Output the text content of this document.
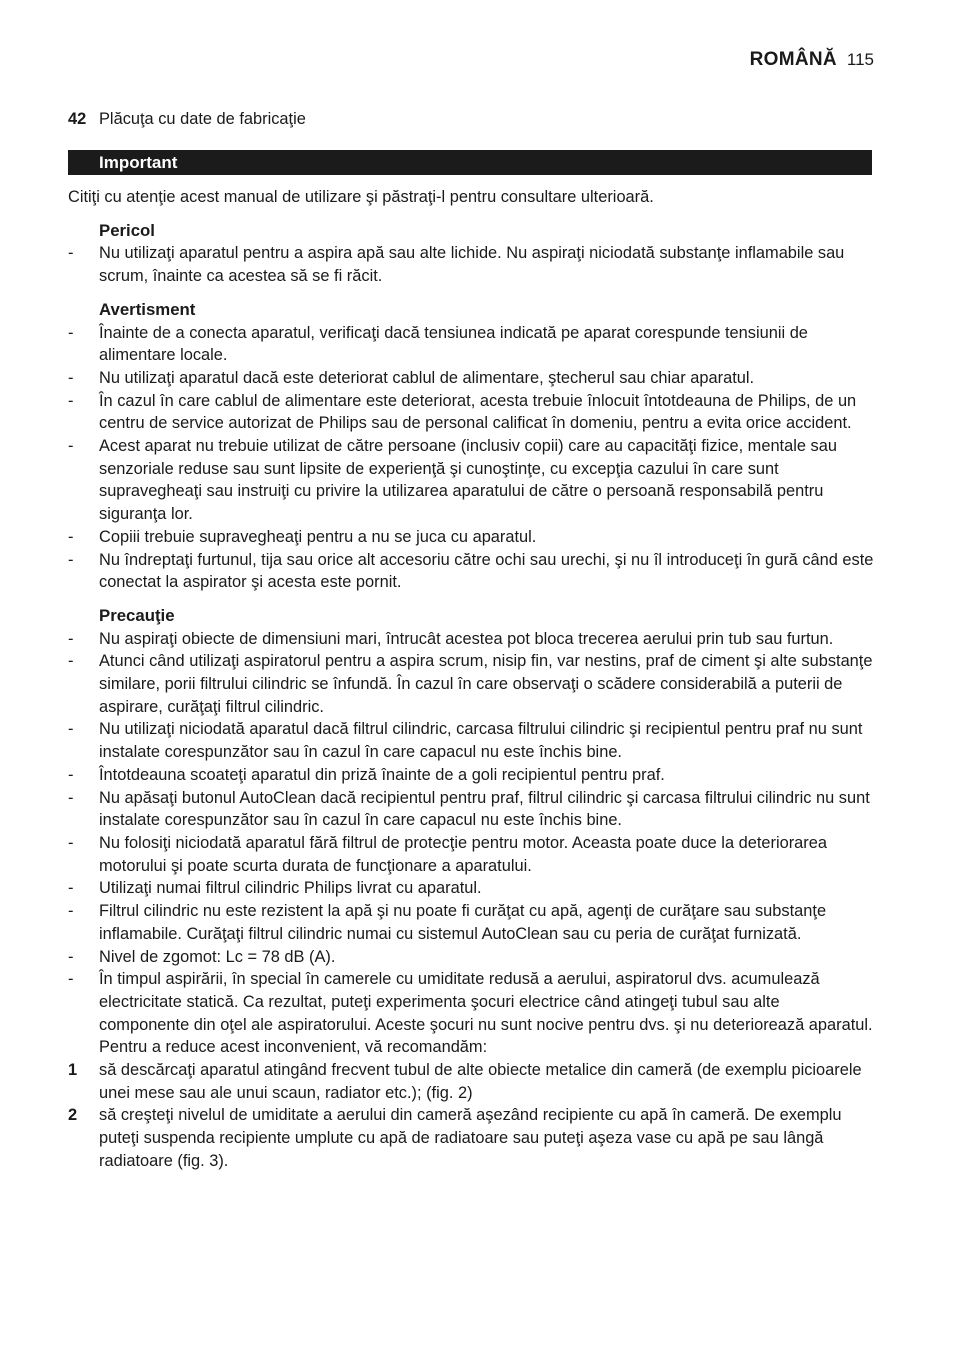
ROMÂNĂ 115
42 Plăcuţa cu date de fabricaţie
Important

Citiţi cu atenţie acest manual de utilizare şi păstraţi-l pentru consultare ulterioară.

Pericol
- Nu utilizaţi aparatul pentru a aspira apă sau alte lichide. Nu aspiraţi niciodată substanţe inflamabile sau scrum, înainte ca acestea să se fi răcit.
Avertisment
- Înainte de a conecta aparatul, verificaţi dacă tensiunea indicată pe aparat corespunde tensiunii de alimentare locale.
- Nu utilizaţi aparatul dacă este deteriorat cablul de alimentare, ştecherul sau chiar aparatul.
- În cazul în care cablul de alimentare este deteriorat, acesta trebuie înlocuit întotdeauna de Philips, de un centru de service autorizat de Philips sau de personal calificat în domeniu, pentru a evita orice accident.
- Acest aparat nu trebuie utilizat de către persoane (inclusiv copii) care au capacităţi fizice, mentale sau senzoriale reduse sau sunt lipsite de experienţă şi cunoştinţe, cu excepţia cazului în care sunt supravegheaţi sau instruiţi cu privire la utilizarea aparatului de către o persoană responsabilă pentru siguranţa lor.
- Copiii trebuie supravegheaţi pentru a nu se juca cu aparatul.
- Nu îndreptaţi furtunul, tija sau orice alt accesoriu către ochi sau urechi, şi nu îl introduceţi în gură când este conectat la aspirator şi acesta este pornit.
Precauţie
- Nu aspiraţi obiecte de dimensiuni mari, întrucât acestea pot bloca trecerea aerului prin tub sau furtun.
- Atunci când utilizaţi aspiratorul pentru a aspira scrum, nisip fin, var nestins, praf de ciment şi alte substanţe similare, porii filtrului cilindric se înfundă. În cazul în care observaţi o scădere considerabilă a puterii de aspirare, curăţaţi filtrul cilindric.
- Nu utilizaţi niciodată aparatul dacă filtrul cilindric, carcasa filtrului cilindric şi recipientul pentru praf nu sunt instalate corespunzător sau în cazul în care capacul nu este închis bine.
- Întotdeauna scoateţi aparatul din priză înainte de a goli recipientul pentru praf.
- Nu apăsaţi butonul AutoClean dacă recipientul pentru praf, filtrul cilindric şi carcasa filtrului cilindric nu sunt instalate corespunzător sau în cazul în care capacul nu este închis bine.
- Nu folosiţi niciodată aparatul fără filtrul de protecţie pentru motor. Aceasta poate duce la deteriorarea motorului şi poate scurta durata de funcţionare a aparatului.
- Utilizaţi numai filtrul cilindric Philips livrat cu aparatul.
- Filtrul cilindric nu este rezistent la apă şi nu poate fi curăţat cu apă, agenţi de curăţare sau substanţe inflamabile. Curăţaţi filtrul cilindric numai cu sistemul AutoClean sau cu peria de curăţat furnizată.
- Nivel de zgomot: Lc = 78 dB (A).
- În timpul aspirării, în special în camerele cu umiditate redusă a aerului, aspiratorul dvs. acumulează electricitate statică. Ca rezultat, puteţi experimenta şocuri electrice când atingeţi tubul sau alte componente din oţel ale aspiratorului. Aceste şocuri nu sunt nocive pentru dvs. şi nu deteriorează aparatul. Pentru a reduce acest inconvenient, vă recomandăm:
1 să descărcaţi aparatul atingând frecvent tubul de alte obiecte metalice din cameră (de exemplu picioarele unei mese sau ale unui scaun, radiator etc.); (fig. 2)
2 să creşteţi nivelul de umiditate a aerului din cameră aşezând recipiente cu apă în cameră. De exemplu puteţi suspenda recipiente umplute cu apă de radiatoare sau puteţi aşeza vase cu apă pe sau lângă radiatoare (fig. 3).
